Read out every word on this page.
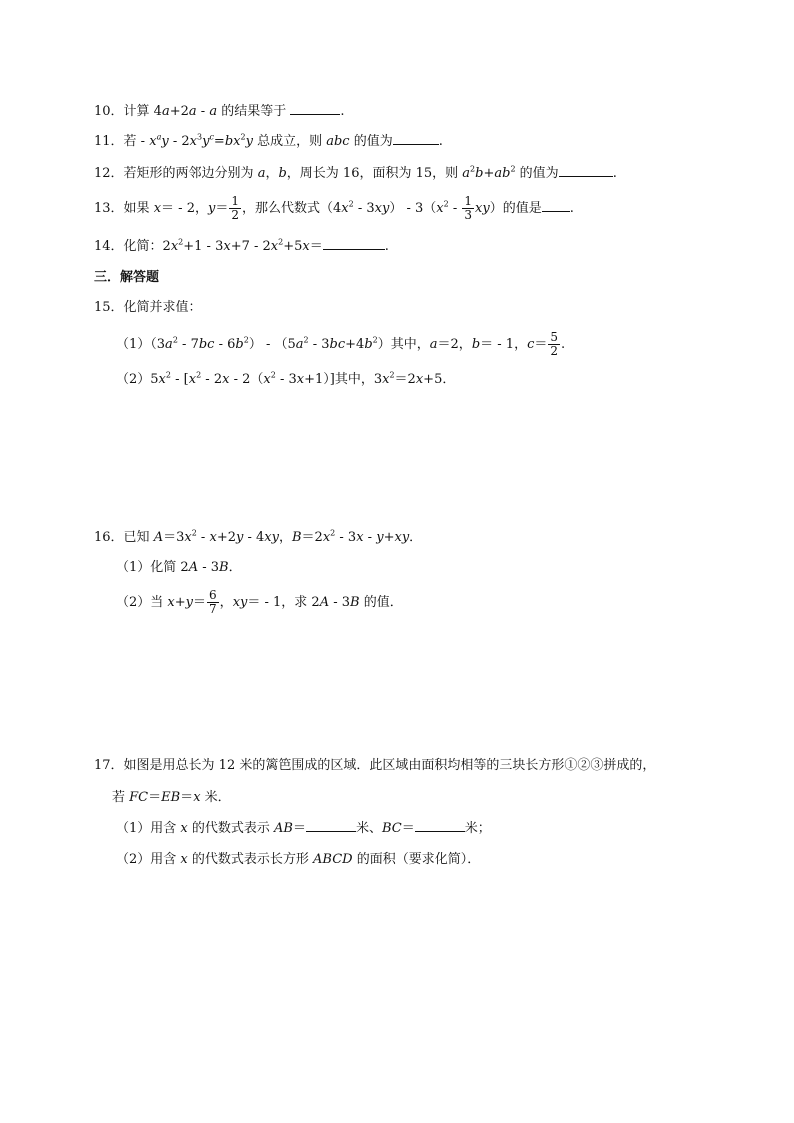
10．计算 4a+2a - a 的结果等于	.
11．若 - $x^ay - 2x^3y^c=bx^2y$ 总成立，则 abc 的值为	.
12．若矩形的两邻边分别为 a，b，周长为 16，面积为 15，则 $a^2b+ab^2$ 的值为	.
13．如果 x＝ - 2，$y= \frac{1}{2}$ ，那么代数式$(4x^2 - 3xy) - 3(x^2 - \frac{1}{3} xy)$的值是 .
14．化简：$2x^2+1 - 3x+7 - 2x^2+5x=$	.
三．解答题
15．化简并求值：
$(1)(3a^2 - 7bc - 6b^2) - (5a^2 - 3bc+4b^2)$其中，a＝2，b＝ - 1，$c= \frac{5}{2}$ .
$(2)5x^2 - [x^2 - 2x - 2(x^2 - 3x+1)]$其中，$3x^2=2x+5$．
16．已知 $A=3x^2 - x+2y - 4xy$，$B=2x^2 - 3x - y+xy$．
（1）化简 2A - 3B．
（2）当 $x+y= \frac{6}{7}$ ，xy＝ - 1，求 2A - 3B 的值．
17．如图是用总长为 12 米的篱笆围成的区域．此区域由面积均相等的三块长方形①②③拼成的，
若 FC＝EB＝x 米．
（1）用含 x 的代数式表示 AB＝	米、BC＝	米；
（2）用含 x 的代数式表示长方形 ABCD 的面积（要求化简）．
